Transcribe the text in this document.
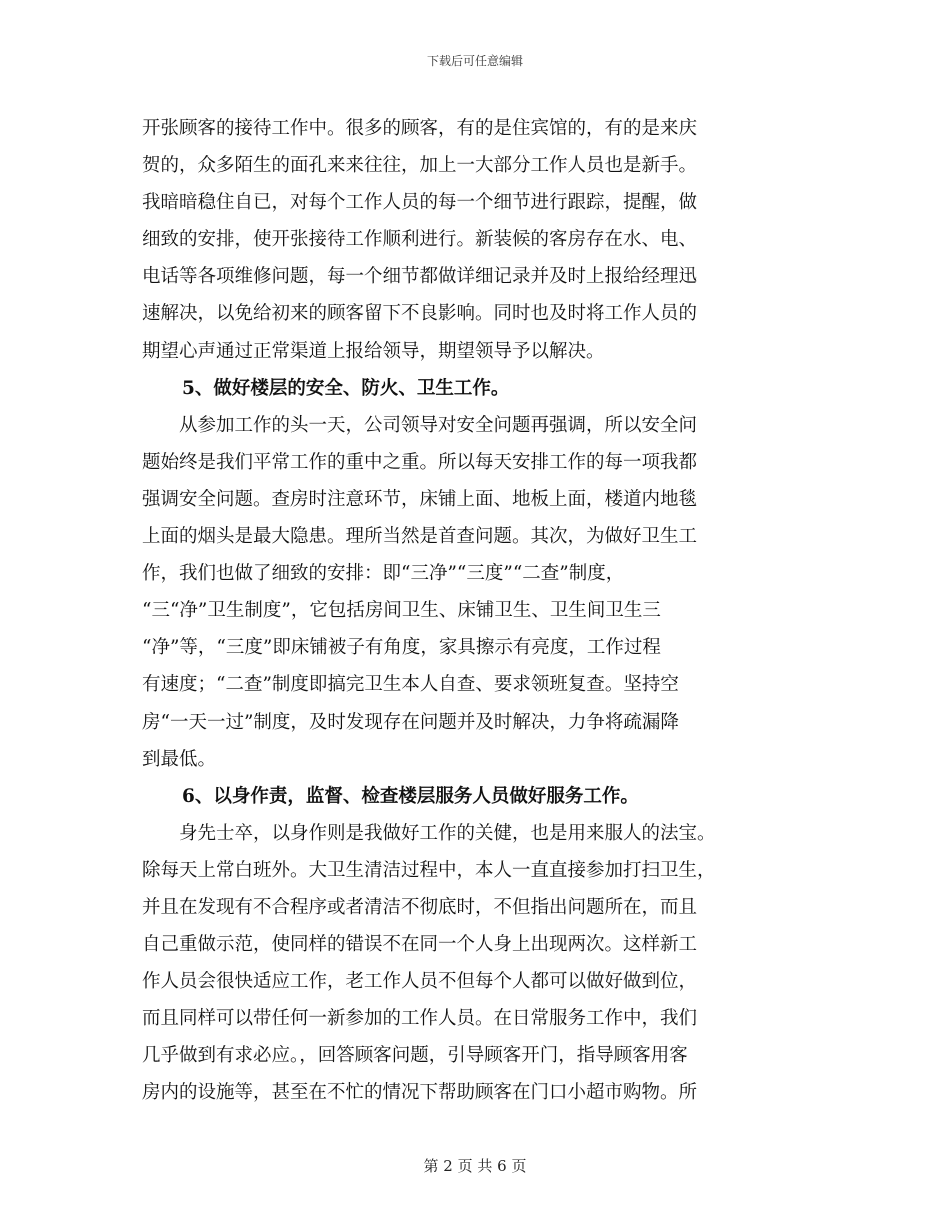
下载后可任意编辑
开张顾客的接待工作中。很多的顾客，有的是住宾馆的，有的是来庆
贺的，众多陌生的面孔来来往往，加上一大部分工作人员也是新手。
我暗暗稳住自已，对每个工作人员的每一个细节进行跟踪，提醒，做
细致的安排，使开张接待工作顺利进行。新装候的客房存在水、电、
电话等各项维修问题，每一个细节都做详细记录并及时上报给经理迅
速解决，以免给初来的顾客留下不良影响。同时也及时将工作人员的
期望心声通过正常渠道上报给领导，期望领导予以解决。
5、做好楼层的安全、防火、卫生工作。
从参加工作的头一天，公司领导对安全问题再强调，所以安全问
题始终是我们平常工作的重中之重。所以每天安排工作的每一项我都
强调安全问题。查房时注意环节，床铺上面、地板上面，楼道内地毯
上面的烟头是最大隐患。理所当然是首查问题。其次，为做好卫生工
作，我们也做了细致的安排：即“三净”“三度”“二查”制度，
“三“净”卫生制度”，它包括房间卫生、床铺卫生、卫生间卫生三
“净”等，“三度”即床铺被子有角度，家具擦示有亮度，工作过程
有速度；“二查”制度即搞完卫生本人自查、要求领班复查。坚持空
房“一天一过”制度，及时发现存在问题并及时解决，力争将疏漏降
到最低。
6、以身作责，监督、检查楼层服务人员做好服务工作。
身先士卒，以身作则是我做好工作的关健，也是用来服人的法宝。
除每天上常白班外。大卫生清洁过程中，本人一直直接参加打扫卫生，
并且在发现有不合程序或者清洁不彻底时，不但指出问题所在，而且
自己重做示范，使同样的错误不在同一个人身上出现两次。这样新工
作人员会很快适应工作，老工作人员不但每个人都可以做好做到位，
而且同样可以带任何一新参加的工作人员。在日常服务工作中，我们
几乎做到有求必应。，回答顾客问题，引导顾客开门，指导顾客用客
房内的设施等，甚至在不忙的情况下帮助顾客在门口小超市购物。所
第 2 页 共 6 页
